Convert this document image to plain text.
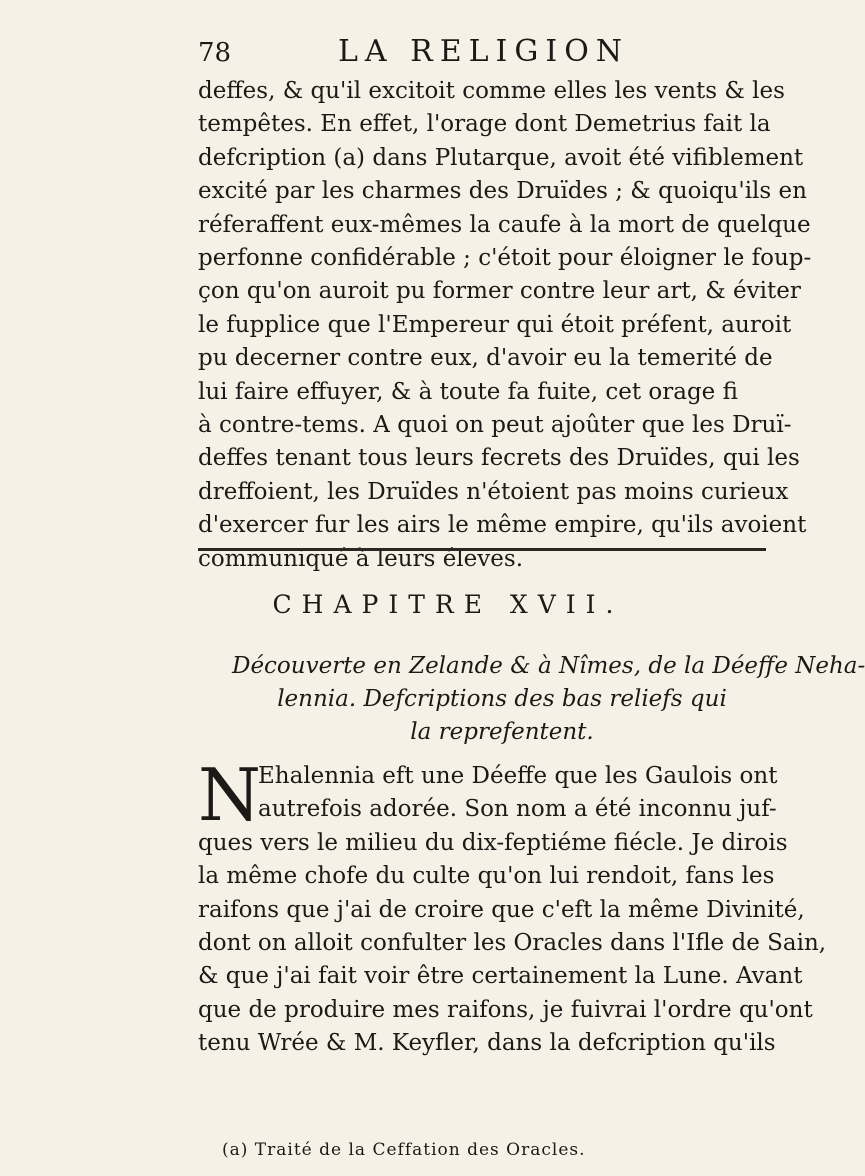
78	LA RELIGION
deffes, & qu'il excitoit comme elles les vents & les
tempêtes. En effet, l'orage dont Demetrius fait la
defcription (a) dans Plutarque, avoit été vifiblement
excité par les charmes des Druïdes ; & quoiqu'ils en
réferaffent eux-mêmes la caufe à la mort de quelque
perfonne confidérable ; c'étoit pour éloigner le foup-
çon qu'on auroit pu former contre leur art, & éviter
le fupplice que l'Empereur qui étoit préfent, auroit
pu decerner contre eux, d'avoir eu la temerité de
lui faire effuyer, & à toute fa fuite, cet orage fi
à contre-tems. A quoi on peut ajoûter que les Druï-
deffes tenant tous leurs fecrets des Druïdes, qui les
dreffoient, les Druïdes n'étoient pas moins curieux
d'exercer fur les airs le même empire, qu'ils avoient
communiqué à leurs éleves.
CHAPITRE XVII.
Découverte en Zelande & à Nîmes, de la Déeffe Neha-
lennia. Defcriptions des bas reliefs qui
la reprefentent.
N
Ehalennia eft une Déeffe que les Gaulois ont
autrefois adorée. Son nom a été inconnu juf-
ques vers le milieu du dix-feptiéme fiécle. Je dirois
la même chofe du culte qu'on lui rendoit, fans les
raifons que j'ai de croire que c'eft la même Divinité,
dont on alloit confulter les Oracles dans l'Ifle de Sain,
& que j'ai fait voir être certainement la Lune. Avant
que de produire mes raifons, je fuivrai l'ordre qu'ont
tenu Wrée & M. Keyfler, dans la defcription qu'ils
(a) Traité de la Ceffation des Oracles.
